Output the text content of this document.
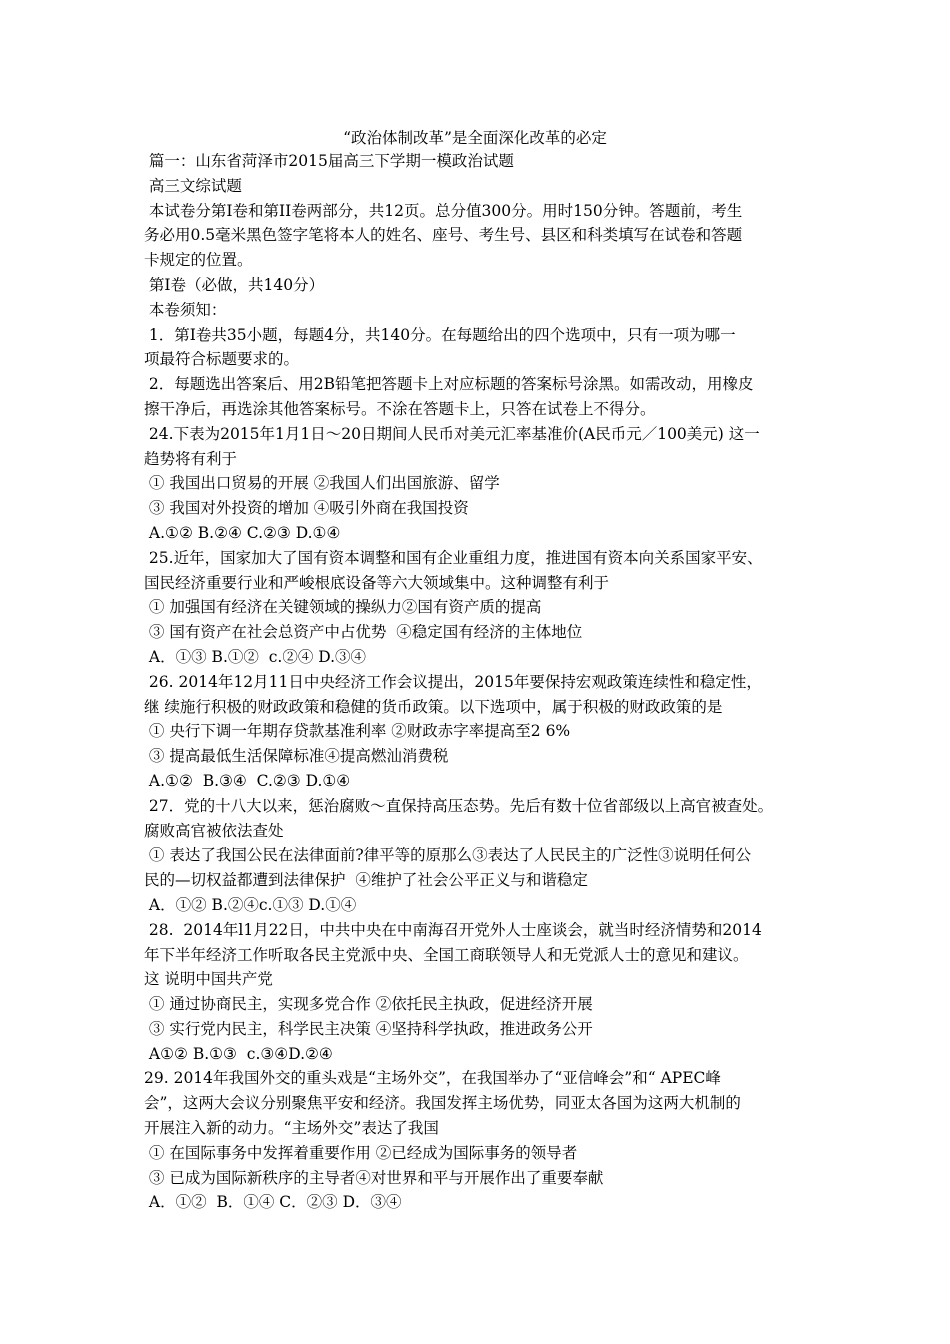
“政治体制改革”是全面深化改革的必定
篇一：山东省菏泽市2015届高三下学期一模政治试题
高三文综试题
本试卷分第I卷和第II卷两部分，共12页。总分值300分。用时150分钟。答题前，考生
务必用0.5毫米黑色签字笔将本人的姓名、座号、考生号、县区和科类填写在试卷和答题
卡规定的位置。
第I卷（必做，共140分）
本卷须知：
1．第I卷共35小题，每题4分，共140分。在每题给出的四个选项中，只有一项为哪一
项最符合标题要求的。
2．每题选出答案后、用2B铅笔把答题卡上对应标题的答案标号涂黑。如需改动，用橡皮
擦干净后，再选涂其他答案标号。不涂在答题卡上，只答在试卷上不得分。
24.下表为2015年1月1日～20日期间人民币对美元汇率基准价(A民币元／100美元) 这一
趋势将有利于
① 我国出口贸易的开展 ②我国人们出国旅游、留学
③ 我国对外投资的增加 ④吸引外商在我国投资
A.①② B.②④ C.②③ D.①④
25.近年，国家加大了国有资本调整和国有企业重组力度，推进国有资本向关系国家平安、
国民经济重要行业和严峻根底设备等六大领域集中。这种调整有利于
① 加强国有经济在关键领域的操纵力②国有资产质的提高
③ 国有资产在社会总资产中占优势  ④稳定国有经济的主体地位
A．①③ B.①②  c.②④ D.③④
26. 2014年12月11日中央经济工作会议提出，2015年要保持宏观政策连续性和稳定性，
继 续施行积极的财政政策和稳健的货币政策。以下选项中，属于积极的财政政策的是
① 央行下调一年期存贷款基准利率 ②财政赤字率提高至2 6%
③ 提高最低生活保障标准④提高燃汕消费税
A.①②  B.③④  C.②③ D.①④
27．党的十八大以来，惩治腐败～直保持高压态势。先后有数十位省部级以上高官被查处。
腐败高官被依法查处
① 表达了我国公民在法律面前?律平等的原那么③表达了人民民主的广泛性③说明任何公
民的—切权益都遭到法律保护  ④维护了社会公平正义与和谐稳定
A．①② B.②④c.①③ D.①④
28.  2014年l1月22日，中共中央在中南海召开党外人士座谈会，就当时经济情势和2014
年下半年经济工作听取各民主党派中央、全国工商联领导人和无党派人士的意见和建议。
这 说明中国共产党
① 通过协商民主，实现多党合作 ②依托民主执政，促进经济开展
③ 实行党内民主，科学民主决策 ④坚持科学执政，推进政务公开
A①② B.①③  c.③④D.②④
29. 2014年我国外交的重头戏是“主场外交”，在我国举办了“亚信峰会”和“ APEC峰
会”，这两大会议分别聚焦平安和经济。我国发挥主场优势，同亚太各国为这两大机制的
开展注入新的动力。“主场外交”表达了我国
① 在国际事务中发挥着重要作用 ②已经成为国际事务的领导者
③ 已成为国际新秩序的主导者④对世界和平与开展作出了重要奉献
A．①②  B．①④ C．②③ D．③④
